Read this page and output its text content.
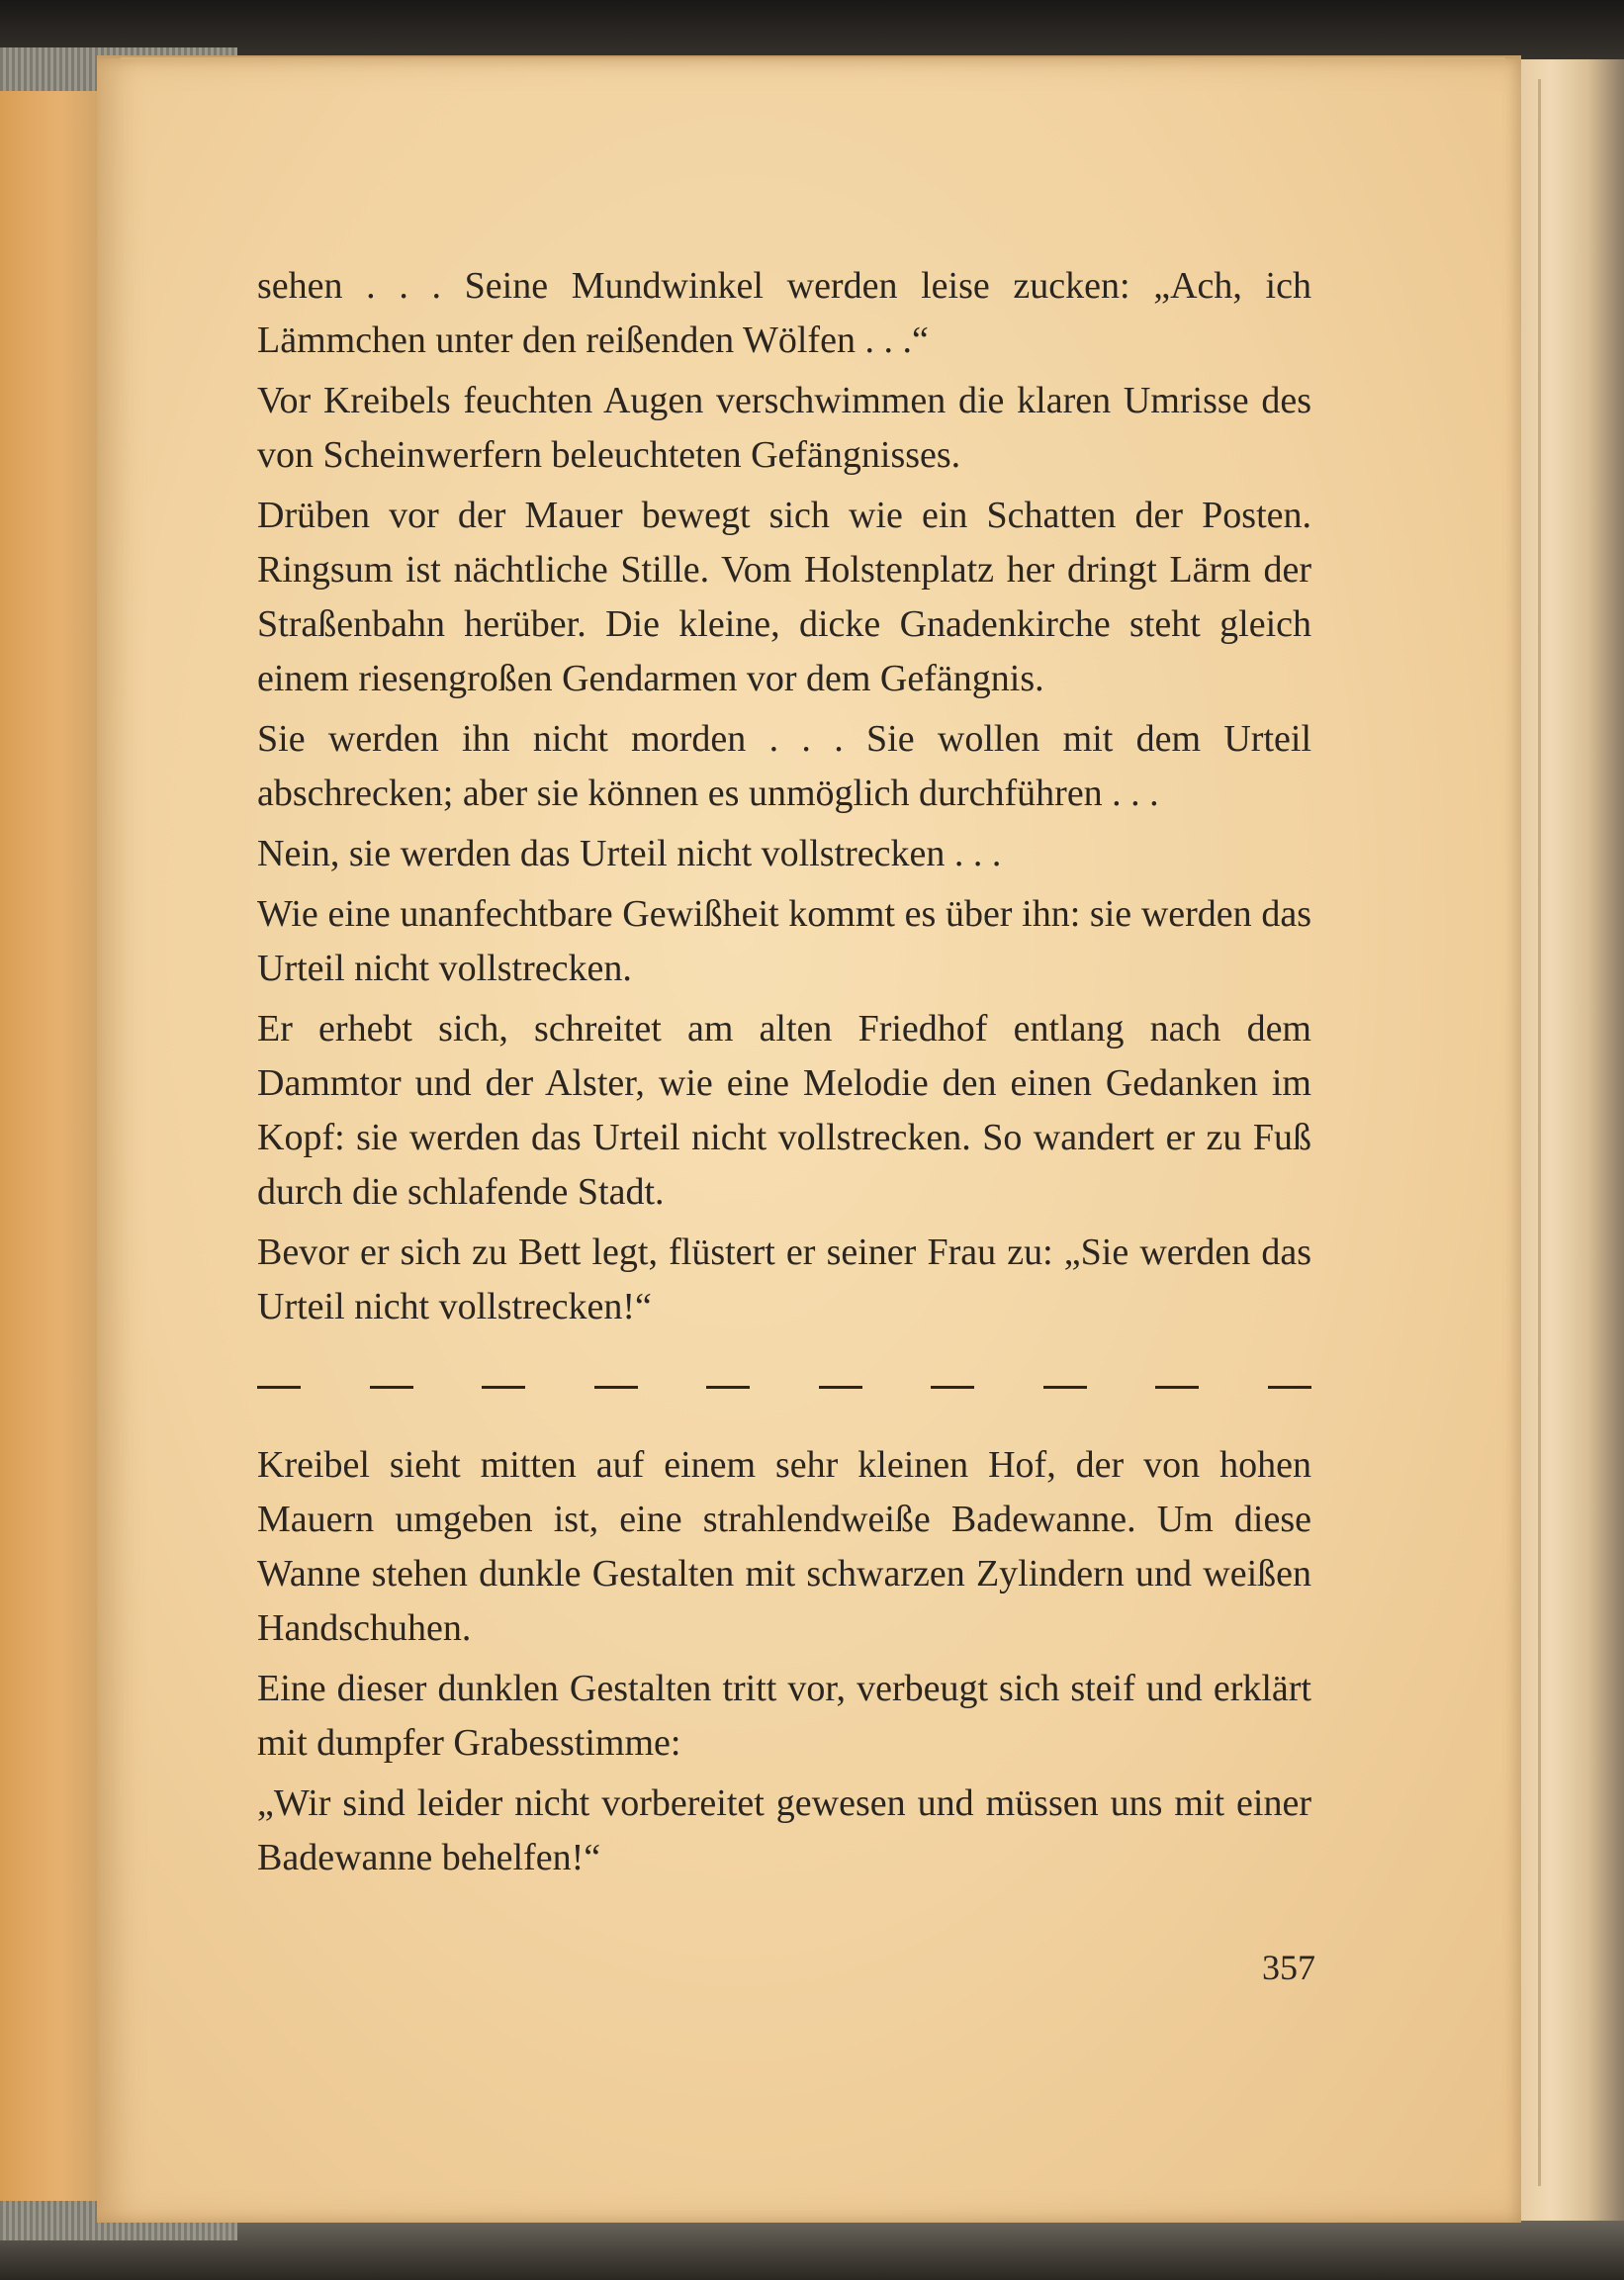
sehen . . . Seine Mundwinkel werden leise zucken: „Ach, ich Lämmchen unter den reißenden Wölfen . . .“

Vor Kreibels feuchten Augen verschwimmen die klaren Umrisse des von Scheinwerfern beleuchteten Gefängnisses.

Drüben vor der Mauer bewegt sich wie ein Schatten der Posten. Ringsum ist nächtliche Stille. Vom Holstenplatz her dringt Lärm der Straßenbahn herüber. Die kleine, dicke Gnadenkirche steht gleich einem riesengroßen Gendarmen vor dem Gefängnis.

Sie werden ihn nicht morden . . . Sie wollen mit dem Urteil abschrecken; aber sie können es unmöglich durchführen . . .

Nein, sie werden das Urteil nicht vollstrecken . . .

Wie eine unanfechtbare Gewißheit kommt es über ihn: sie werden das Urteil nicht vollstrecken.

Er erhebt sich, schreitet am alten Friedhof entlang nach dem Dammtor und der Alster, wie eine Melodie den einen Gedanken im Kopf: sie werden das Urteil nicht vollstrecken. So wandert er zu Fuß durch die schlafende Stadt.

Bevor er sich zu Bett legt, flüstert er seiner Frau zu: „Sie werden das Urteil nicht vollstrecken!“

Kreibel sieht mitten auf einem sehr kleinen Hof, der von hohen Mauern umgeben ist, eine strahlendweiße Badewanne. Um diese Wanne stehen dunkle Gestalten mit schwarzen Zylindern und weißen Handschuhen.

Eine dieser dunklen Gestalten tritt vor, verbeugt sich steif und erklärt mit dumpfer Grabesstimme:

„Wir sind leider nicht vorbereitet gewesen und müssen uns mit einer Badewanne behelfen!“

357
